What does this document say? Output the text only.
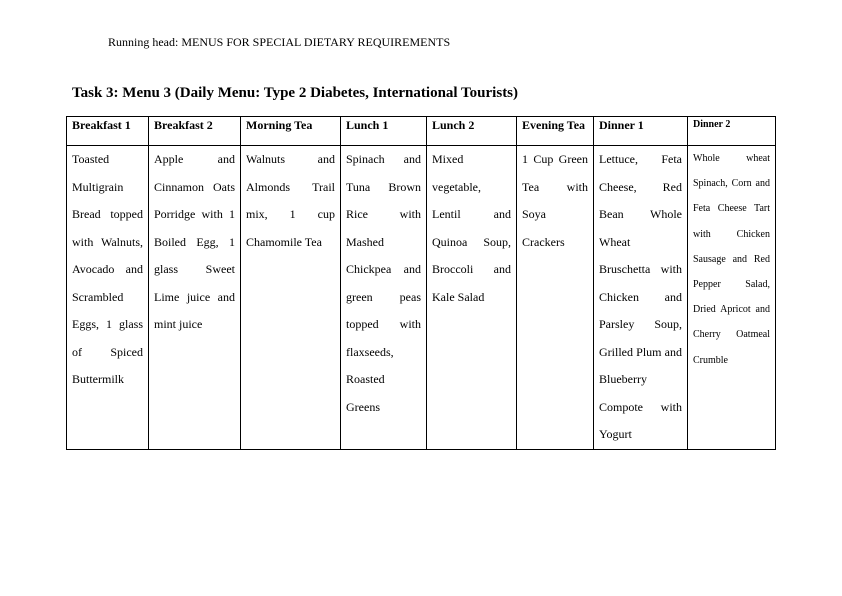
Running head: MENUS FOR SPECIAL DIETARY REQUIREMENTS
Task 3: Menu 3 (Daily Menu: Type 2 Diabetes, International Tourists)
Breakfast 1	Breakfast 2	Morning Tea	Lunch 1	Lunch 2	Evening Tea	Dinner 1	Dinner 2
Toasted Multigrain Bread topped with Walnuts, Avocado and Scrambled Eggs, 1 glass of Spiced Buttermilk	Apple and Cinnamon Oats Porridge with 1 Boiled Egg, 1 glass Sweet Lime juice and mint juice	Walnuts and Almonds Trail mix, 1 cup Chamomile Tea	Spinach and Tuna Brown Rice with Mashed Chickpea and green peas topped with flaxseeds, Roasted Greens	Mixed vegetable, Lentil and Quinoa Soup, Broccoli and Kale Salad	1 Cup Green Tea with Soya Crackers	Lettuce, Feta Cheese, Red Bean Whole Wheat Bruschetta with Chicken and Parsley Soup, Grilled Plum and Blueberry Compote with Yogurt	Whole wheat Spinach, Corn and Feta Cheese Tart with Chicken Sausage and Red Pepper Salad, Dried Apricot and Cherry Oatmeal Crumble
